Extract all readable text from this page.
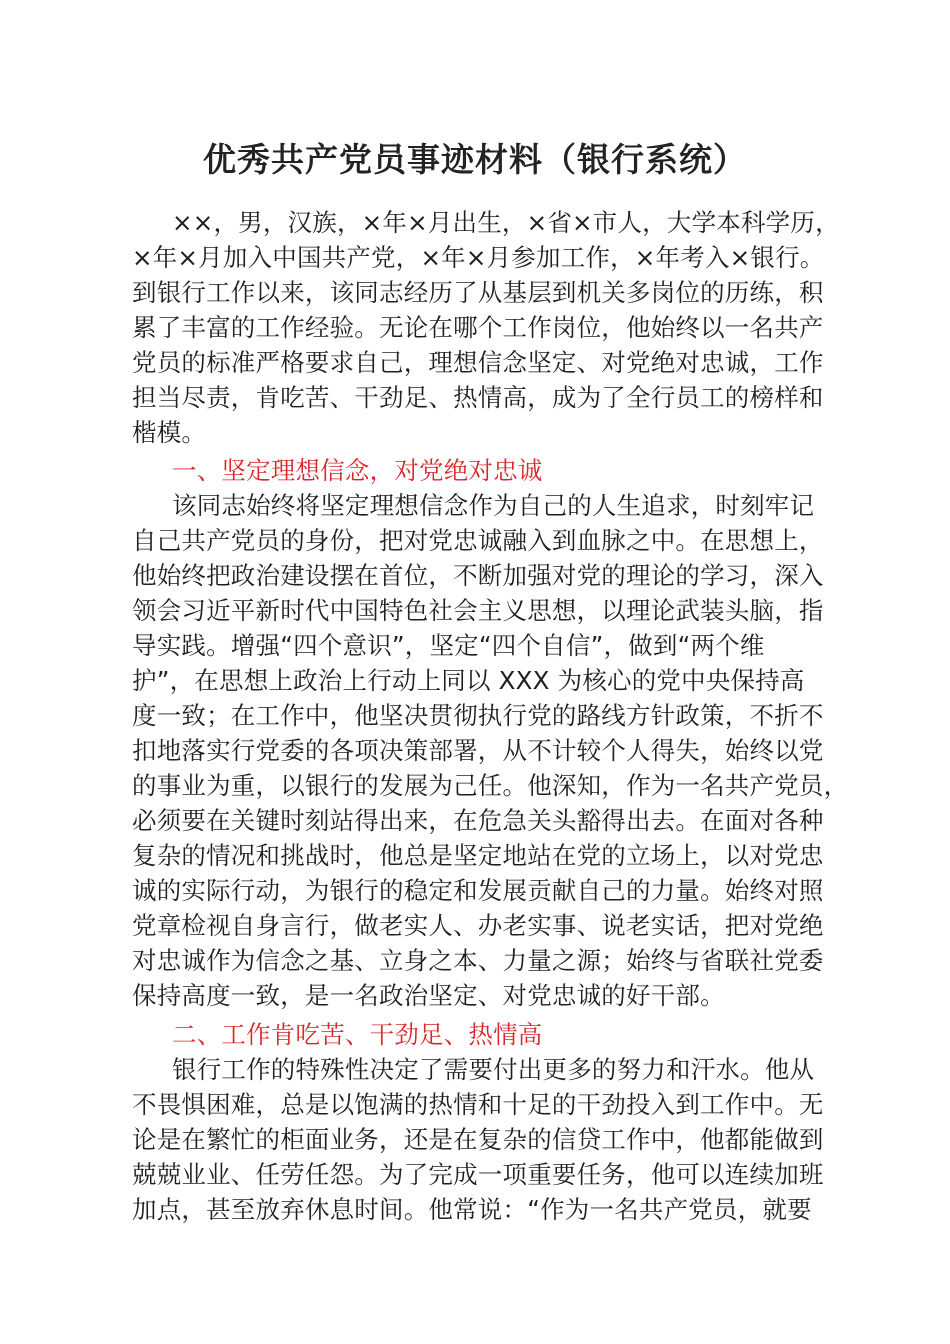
优秀共产党员事迹材料（银行系统）
××，男，汉族，×年×月出生，×省×市人，大学本科学历，
×年×月加入中国共产党，×年×月参加工作，×年考入×银行。
到银行工作以来，该同志经历了从基层到机关多岗位的历练，积
累了丰富的工作经验。无论在哪个工作岗位，他始终以一名共产
党员的标准严格要求自己，理想信念坚定、对党绝对忠诚，工作
担当尽责，肯吃苦、干劲足、热情高，成为了全行员工的榜样和
楷模。
一、坚定理想信念，对党绝对忠诚
该同志始终将坚定理想信念作为自己的人生追求，时刻牢记
自己共产党员的身份，把对党忠诚融入到血脉之中。在思想上，
他始终把政治建设摆在首位，不断加强对党的理论的学习，深入
领会习近平新时代中国特色社会主义思想，以理论武装头脑，指
导实践。增强“四个意识”，坚定“四个自信”，做到“两个维
护”，在思想上政治上行动上同以 XXX 为核心的党中央保持高
度一致；在工作中，他坚决贯彻执行党的路线方针政策，不折不
扣地落实行党委的各项决策部署，从不计较个人得失，始终以党
的事业为重，以银行的发展为己任。他深知，作为一名共产党员，
必须要在关键时刻站得出来，在危急关头豁得出去。在面对各种
复杂的情况和挑战时，他总是坚定地站在党的立场上，以对党忠
诚的实际行动，为银行的稳定和发展贡献自己的力量。始终对照
党章检视自身言行，做老实人、办老实事、说老实话，把对党绝
对忠诚作为信念之基、立身之本、力量之源；始终与省联社党委
保持高度一致，是一名政治坚定、对党忠诚的好干部。
二、工作肯吃苦、干劲足、热情高
银行工作的特殊性决定了需要付出更多的努力和汗水。他从
不畏惧困难，总是以饱满的热情和十足的干劲投入到工作中。无
论是在繁忙的柜面业务，还是在复杂的信贷工作中，他都能做到
兢兢业业、任劳任怨。为了完成一项重要任务，他可以连续加班
加点，甚至放弃休息时间。他常说：“作为一名共产党员，就要
